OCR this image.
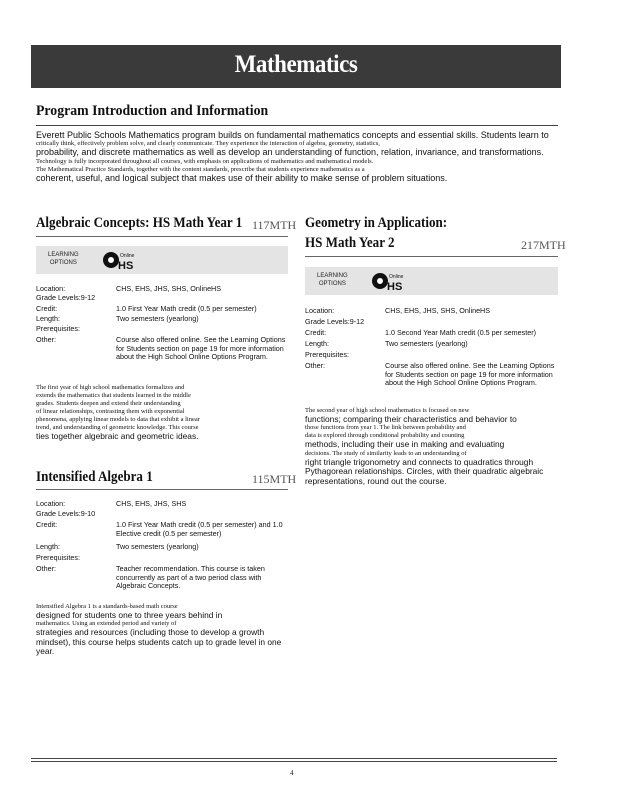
Mathematics
Program Introduction and Information
Everett Public Schools Mathematics program builds on fundamental mathematics concepts and essential skills. Students learn to
critically think, effectively problem solve, and clearly communicate. They experience the interaction of algebra, geometry, statistics,
probability, and discrete mathematics as well as develop an understanding of function, relation, invariance, and transformations.
Technology is fully incorporated throughout all courses, with emphasis on applications of mathematics and mathematical models.
The Mathematical Practice Standards, together with the content standards, prescribe that students experience mathematics as a
coherent, useful, and logical subject that makes use of their ability to make sense of problem situations.
Algebraic Concepts: HS Math Year 1 117MTH
LEARNING
OPTIONS
Online
HS
Location:	CHS, EHS, JHS, SHS, OnlineHS
Grade Levels:9-12
Credit:	1.0 First Year Math credit (0.5 per semester)
Length:	Two semesters (yearlong)
Prerequisites:
Other:	Course also offered online. See the Learning Options for Students section on page 19 for more information about the High School Online Options Program.
The first year of high school mathematics formalizes and
extends the mathematics that students learned in the middle
grades. Students deepen and extend their understanding
of linear relationships, contrasting them with exponential
phenomena, applying linear models to data that exhibit a linear
trend, and understanding of geometric knowledge. This course
ties together algebraic and geometric ideas.
Intensified Algebra 1	115MTH
Location:	CHS, EHS, JHS, SHS
Grade Levels:9-10
Credit:	1.0 First Year Math credit (0.5 per semester) and 1.0 Elective credit (0.5 per semester)
Length:	Two semesters (yearlong)
Prerequisites:
Other:	Teacher recommendation. This course is taken concurrently as part of a two period class with Algebraic Concepts.
Intensified Algebra 1 is a standards-based math course
designed for students one to three years behind in
mathematics. Using an extended period and variety of
strategies and resources (including those to develop a growth mindset), this course helps students catch up to grade level in one year.
Geometry in Application:
HS Math Year 2	217MTH
LEARNING
OPTIONS
Online
HS
Location:	CHS, EHS, JHS, SHS, OnlineHS
Grade Levels:9-12
Credit:	1.0 Second Year Math credit (0.5 per semester)
Length:	Two semesters (yearlong)
Prerequisites:
Other:	Course also offered online. See the Learning Options for Students section on page 19 for more information about the High School Online Options Program.
The second year of high school mathematics is focused on new
functions; comparing their characteristics and behavior to
those functions from year 1. The link between probability and
data is explored through conditional probability and counting
methods, including their use in making and evaluating
decisions. The study of similarity leads to an understanding of
right triangle trigonometry and connects to quadratics through Pythagorean relationships. Circles, with their quadratic algebraic representations, round out the course.
4
